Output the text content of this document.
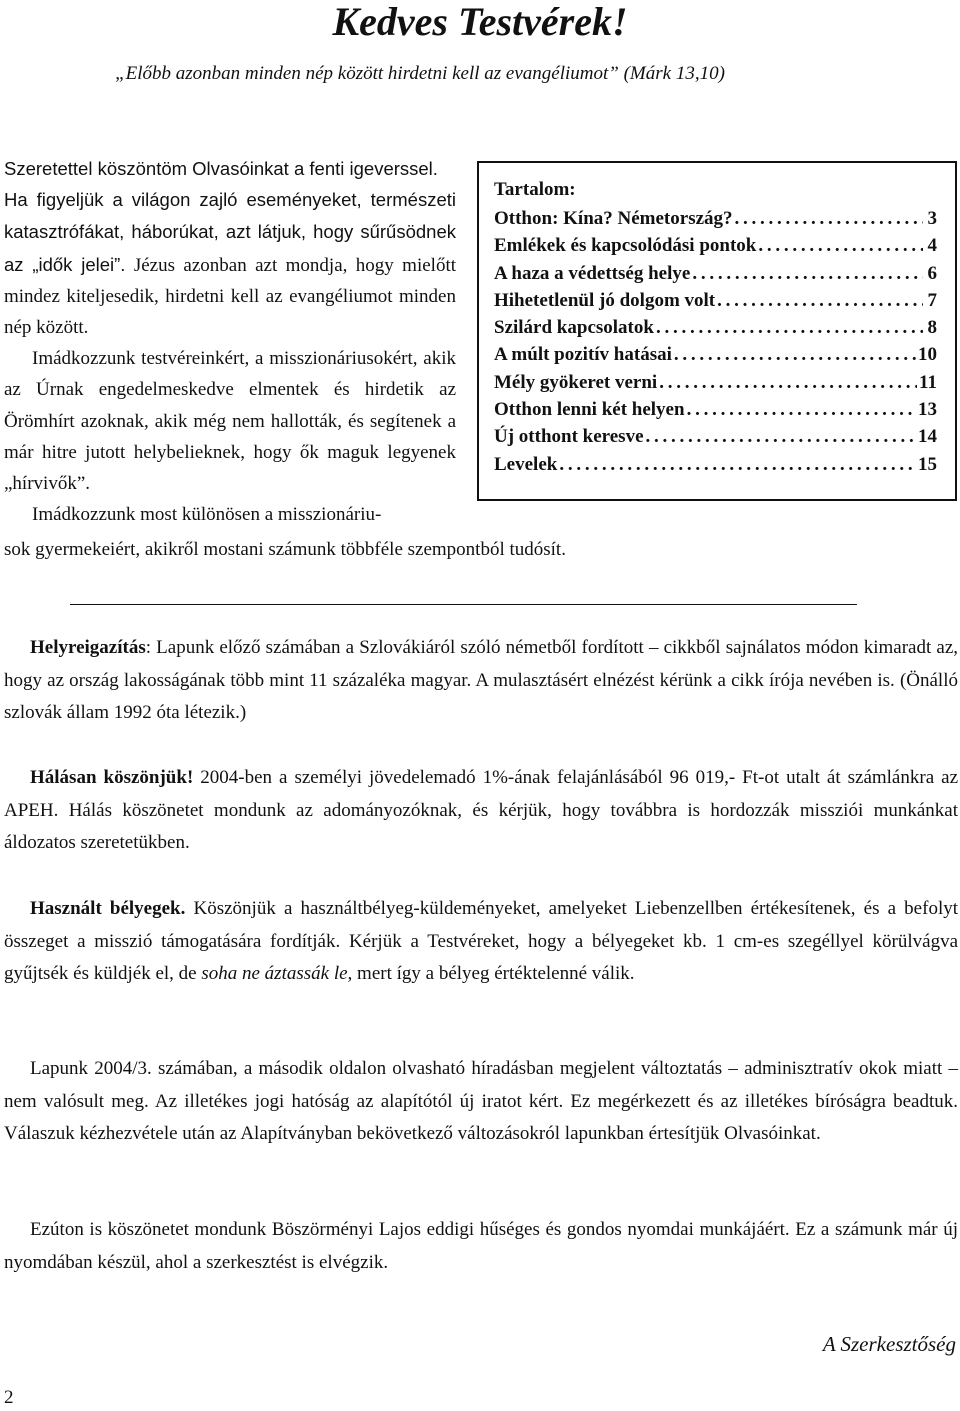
Kedves Testvérek!
„Előbb azonban minden nép között hirdetni kell az evangéliumot” (Márk 13,10)

Szeretettel köszöntöm Olvasóinkat a fenti igeverssel.

Ha figyeljük a világon zajló eseményeket, természeti katasztrófákat, háborúkat, azt látjuk, hogy sűrűsödnek az „idők jelei”.

Jézus azonban azt mondja, hogy mielőtt mindez kiteljesedik, hirdetni kell az evangéliumot minden nép között.

Imádkozzunk testvéreinkért, a misszionáriusokért, akik az Úrnak engedelmeskedve elmentek és hirdetik az Örömhírt azoknak, akik még nem hallották, és segítenek a már hitre jutott helybelieknek, hogy ők maguk legyenek „hírvivők”.

Imádkozzunk most különösen a misszionáriu-

sok gyermekeiért, akikről mostani számunk többféle szempontból tudósít.
Tartalom:
Otthon: Kína? Németország? . . .	3
Emlékek és kapcsolódási pontok . . .	4
A haza a védettség helye . . .	6
Hihetetlenül jó dolgom volt . . .	7
Szilárd kapcsolatok . . .	8
A múlt pozitív hatásai . . .	10
Mély gyökeret verni . . .	11
Otthon lenni két helyen . . .	13
Új otthont keresve . . .	14
Levelek . . .	15

Helyreigazítás: Lapunk előző számában a Szlovákiáról szóló németből fordított – cikkből sajnálatos módon kimaradt az, hogy az ország lakosságának több mint 11 százaléka magyar. A mulasztásért elnézést kérünk a cikk írója nevében is. (Önálló szlovák állam 1992 óta létezik.)

Hálásan köszönjük! 2004-ben a személyi jövedelemadó 1%-ának felajánlásából 96 019,- Ft-ot utalt át számlánkra az APEH. Hálás köszönetet mondunk az adományozóknak, és kérjük, hogy továbbra is hordozzák missziói munkánkat áldozatos szeretetükben.

Használt bélyegek. Köszönjük a használtbélyeg-küldeményeket, amelyeket Liebenzellben értékesítenek, és a befolyt összeget a misszió támogatására fordítják. Kérjük a Testvéreket, hogy a bélyegeket kb. 1 cm-es szegéllyel körülvágva gyűjtsék és küldjék el, de soha ne áztassák le, mert így a bélyeg értéktelenné válik.

Lapunk 2004/3. számában, a második oldalon olvasható híradásban megjelent változtatás – adminisztratív okok miatt – nem valósult meg. Az illetékes jogi hatóság az alapítótól új iratot kért. Ez megérkezett és az illetékes bíróságra beadtuk. Válaszuk kézhezvétele után az Alapítványban bekövetkező változásokról lapunkban értesítjük Olvasóinkat.

Ezúton is köszönetet mondunk Böszörményi Lajos eddigi hűséges és gondos nyomdai munkájáért. Ez a számunk már új nyomdában készül, ahol a szerkesztést is elvégzik.

A Szerkesztőség
2
